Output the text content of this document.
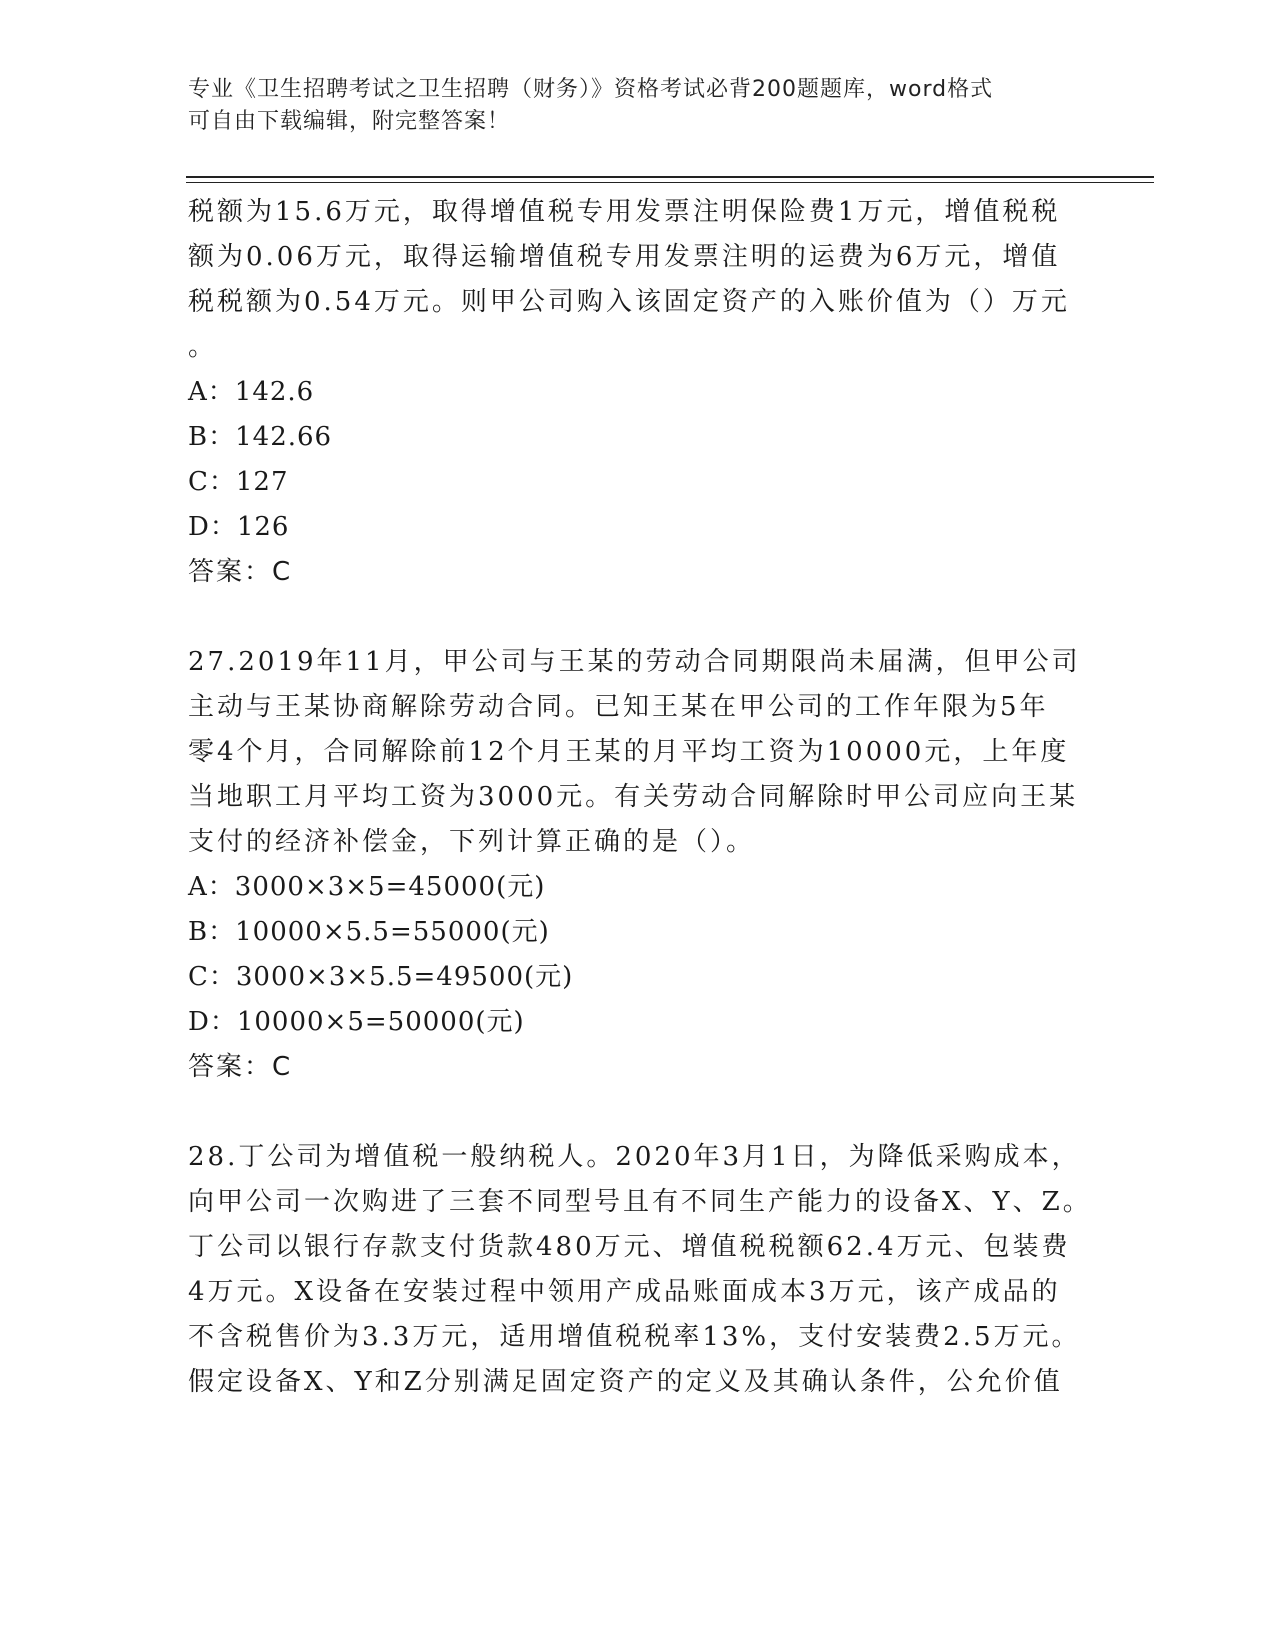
专业《卫生招聘考试之卫生招聘（财务）》资格考试必背200题题库，word格式
可自由下载编辑，附完整答案！
税额为15.6万元，取得增值税专用发票注明保险费1万元，增值税税
额为0.06万元，取得运输增值税专用发票注明的运费为6万元，增值
税税额为0.54万元。则甲公司购入该固定资产的入账价值为（）万元
。
A：142.6
B：142.66
C：127
D：126
答案：C
27.2019年11月，甲公司与王某的劳动合同期限尚未届满，但甲公司
主动与王某协商解除劳动合同。已知王某在甲公司的工作年限为5年
零4个月，合同解除前12个月王某的月平均工资为10000元，上年度
当地职工月平均工资为3000元。有关劳动合同解除时甲公司应向王某
支付的经济补偿金，下列计算正确的是（）。
A：3000×3×5=45000(元)
B：10000×5.5=55000(元)
C：3000×3×5.5=49500(元)
D：10000×5=50000(元)
答案：C
28.丁公司为增值税一般纳税人。2020年3月1日，为降低采购成本，
向甲公司一次购进了三套不同型号且有不同生产能力的设备X、Y、Z。
丁公司以银行存款支付货款480万元、增值税税额62.4万元、包装费
4万元。X设备在安装过程中领用产成品账面成本3万元，该产成品的
不含税售价为3.3万元，适用增值税税率13%，支付安装费2.5万元。
假定设备X、Y和Z分别满足固定资产的定义及其确认条件，公允价值
